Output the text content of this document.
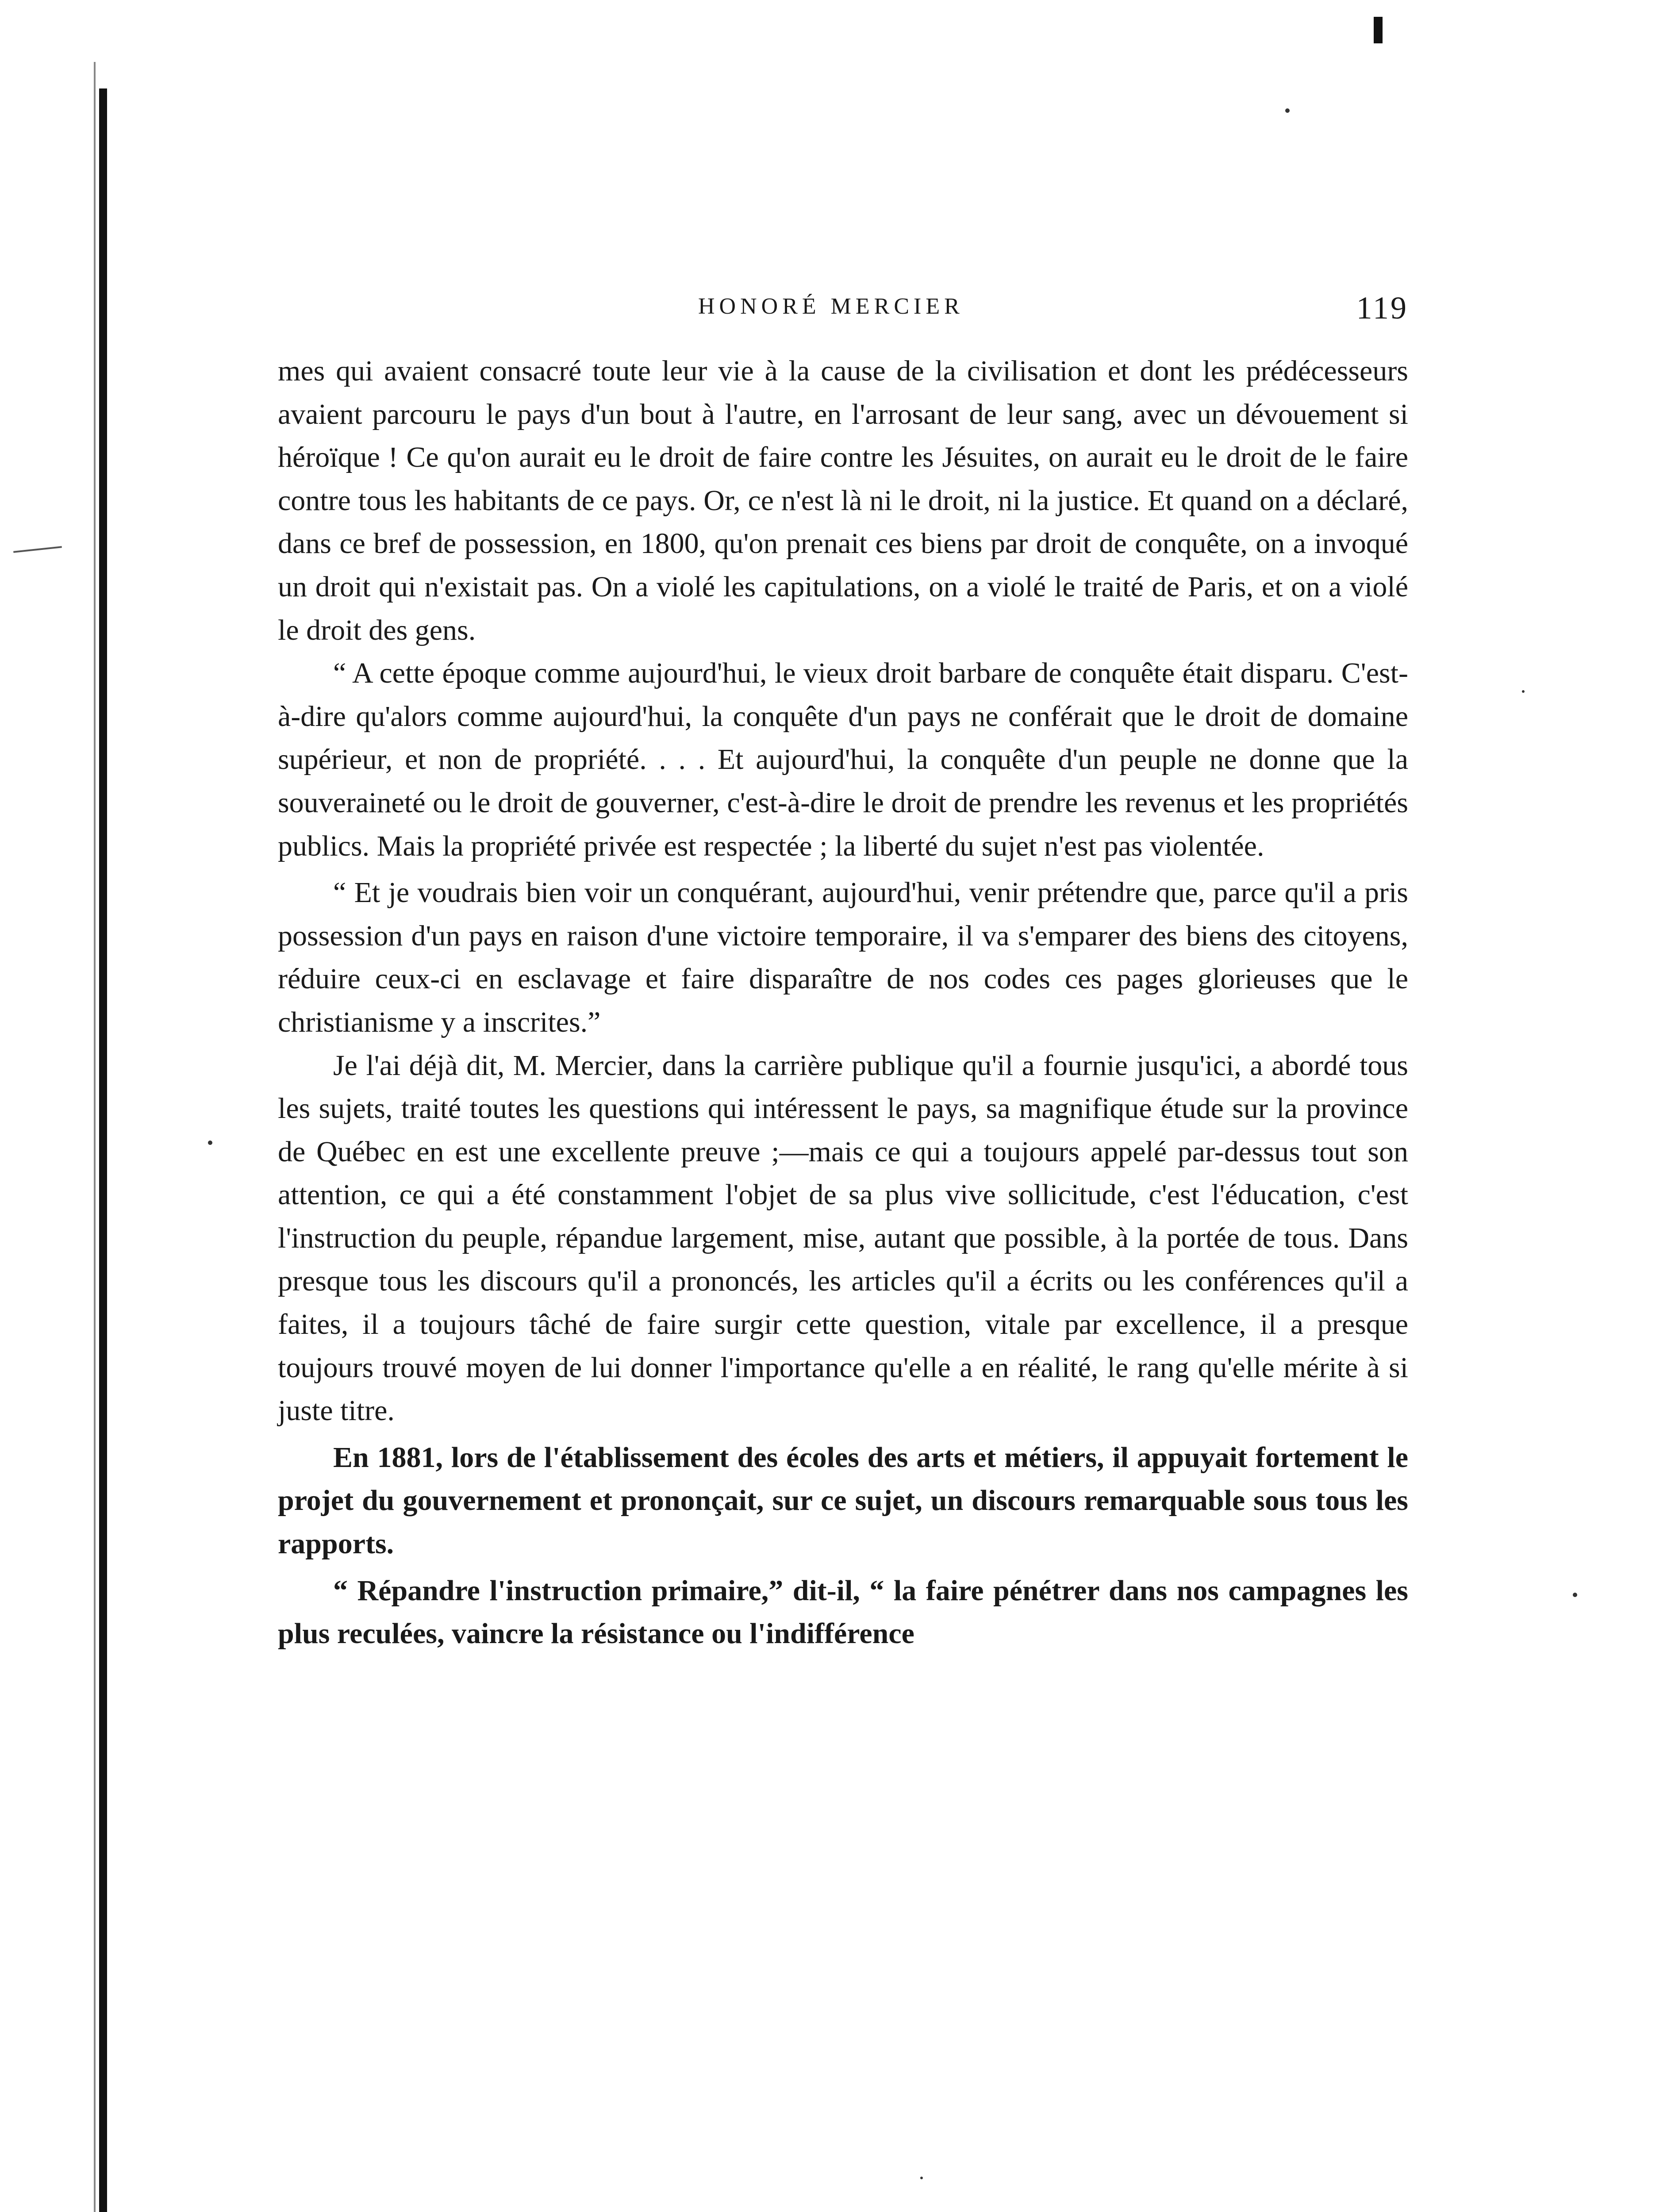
HONORÉ MERCIER	119

mes qui avaient consacré toute leur vie à la cause de la civilisation et dont les prédécesseurs avaient parcouru le pays d'un bout à l'autre, en l'arrosant de leur sang, avec un dévouement si héroïque ! Ce qu'on aurait eu le droit de faire contre les Jésuites, on aurait eu le droit de le faire contre tous les habitants de ce pays. Or, ce n'est là ni le droit, ni la justice. Et quand on a déclaré, dans ce bref de possession, en 1800, qu'on prenait ces biens par droit de conquête, on a invoqué un droit qui n'existait pas. On a violé les capitulations, on a violé le traité de Paris, et on a violé le droit des gens.

“ A cette époque comme aujourd'hui, le vieux droit barbare de conquête était disparu. C'est-à-dire qu'alors comme aujourd'hui, la conquête d'un pays ne conférait que le droit de domaine supérieur, et non de propriété. . . . Et aujourd'hui, la conquête d'un peuple ne donne que la souveraineté ou le droit de gouverner, c'est-à-dire le droit de prendre les revenus et les propriétés publics. Mais la propriété privée est respectée ; la liberté du sujet n'est pas violentée.

“ Et je voudrais bien voir un conquérant, aujourd'hui, venir prétendre que, parce qu'il a pris possession d'un pays en raison d'une victoire temporaire, il va s'emparer des biens des citoyens, réduire ceux-ci en esclavage et faire disparaître de nos codes ces pages glorieuses que le christianisme y a inscrites.”

Je l'ai déjà dit, M. Mercier, dans la carrière publique qu'il a fournie jusqu'ici, a abordé tous les sujets, traité toutes les questions qui intéressent le pays, sa magnifique étude sur la province de Québec en est une excellente preuve ;—mais ce qui a toujours appelé par-dessus tout son attention, ce qui a été constamment l'objet de sa plus vive sollicitude, c'est l'éducation, c'est l'instruction du peuple, répandue largement, mise, autant que possible, à la portée de tous. Dans presque tous les discours qu'il a prononcés, les articles qu'il a écrits ou les conférences qu'il a faites, il a toujours tâché de faire surgir cette question, vitale par excellence, il a presque toujours trouvé moyen de lui donner l'importance qu'elle a en réalité, le rang qu'elle mérite à si juste titre.

En 1881, lors de l'établissement des écoles des arts et métiers, il appuyait fortement le projet du gouvernement et prononçait, sur ce sujet, un discours remarquable sous tous les rapports.

“ Répandre l'instruction primaire,” dit-il, “ la faire pénétrer dans nos campagnes les plus reculées, vaincre la résistance ou l'indifférence
